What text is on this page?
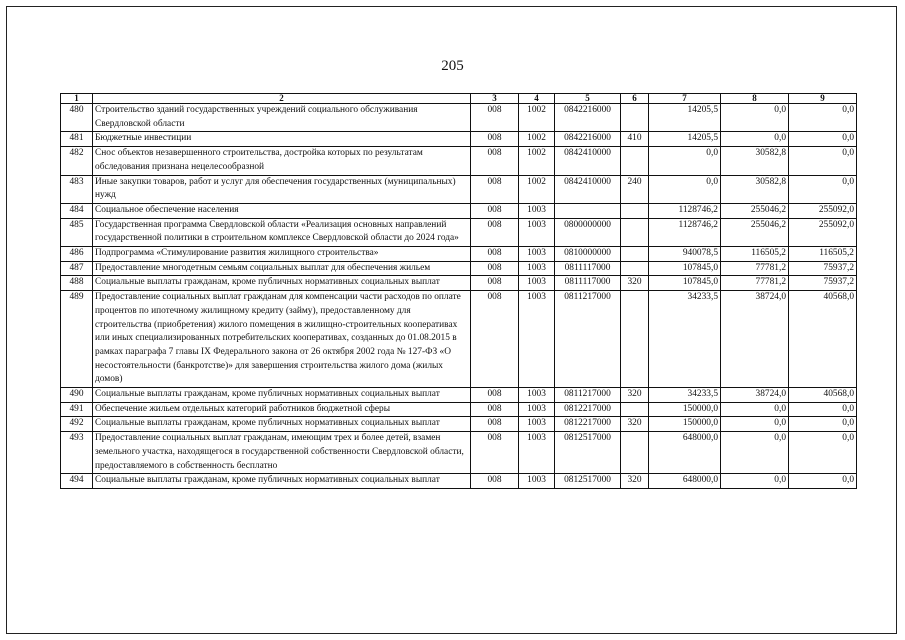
205
1	2	3	4	5	6	7	8	9
480	Строительство зданий государственных учреждений социального обслуживания Свердловской области	008	1002	0842216000		14205,5	0,0	0,0
481	Бюджетные инвестиции	008	1002	0842216000	410	14205,5	0,0	0,0
482	Снос объектов незавершенного строительства, достройка которых по результатам обследования признана нецелесообразной	008	1002	0842410000		0,0	30582,8	0,0
483	Иные закупки товаров, работ и услуг для обеспечения государственных (муниципальных) нужд	008	1002	0842410000	240	0,0	30582,8	0,0
484	Социальное обеспечение населения	008	1003			1128746,2	255046,2	255092,0
485	Государственная программа Свердловской области «Реализация основных направлений государственной политики в строительном комплексе Свердловской области до 2024 года»	008	1003	0800000000		1128746,2	255046,2	255092,0
486	Подпрограмма «Стимулирование развития жилищного строительства»	008	1003	0810000000		940078,5	116505,2	116505,2
487	Предоставление многодетным семьям социальных выплат для обеспечения жильем	008	1003	0811117000		107845,0	77781,2	75937,2
488	Социальные выплаты гражданам, кроме публичных нормативных социальных выплат	008	1003	0811117000	320	107845,0	77781,2	75937,2
489	Предоставление социальных выплат гражданам для компенсации части расходов по оплате процентов по ипотечному жилищному кредиту (займу), предоставленному для строительства (приобретения) жилого помещения в жилищно-строительных кооперативах или иных специализированных потребительских кооперативах, созданных до 01.08.2015 в рамках параграфа 7 главы IX Федерального закона от 26 октября 2002 года № 127-ФЗ «О несостоятельности (банкротстве)» для завершения строительства жилого дома (жилых домов)	008	1003	0811217000		34233,5	38724,0	40568,0
490	Социальные выплаты гражданам, кроме публичных нормативных социальных выплат	008	1003	0811217000	320	34233,5	38724,0	40568,0
491	Обеспечение жильем отдельных категорий работников бюджетной сферы	008	1003	0812217000		150000,0	0,0	0,0
492	Социальные выплаты гражданам, кроме публичных нормативных социальных выплат	008	1003	0812217000	320	150000,0	0,0	0,0
493	Предоставление социальных выплат гражданам, имеющим трех и более детей, взамен земельного участка, находящегося в государственной собственности Свердловской области, предоставляемого в собственность бесплатно	008	1003	0812517000		648000,0	0,0	0,0
494	Социальные выплаты гражданам, кроме публичных нормативных социальных выплат	008	1003	0812517000	320	648000,0	0,0	0,0
